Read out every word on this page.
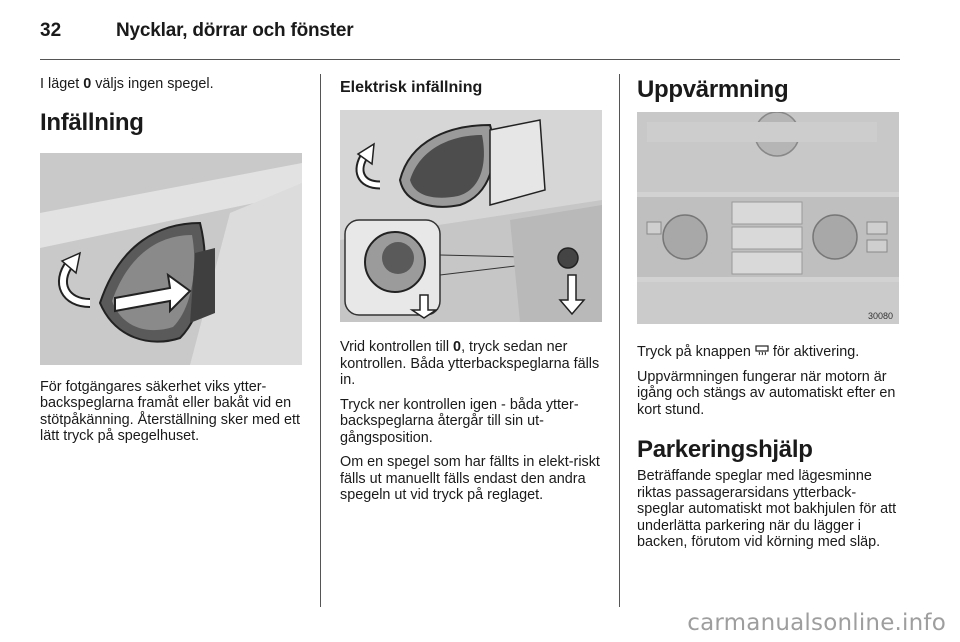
32	Nycklar, dörrar och fönster

I läget 0 väljs ingen spegel.

Infällning

För fotgängares säkerhet viks ytter-backspeglarna framåt eller bakåt vid en stötpåkänning. Återställning sker med ett lätt tryck på spegelhuset.

Elektrisk infällning

Vrid kontrollen till 0, tryck sedan ner kontrollen. Båda ytterbackspeglarna fälls in.

Tryck ner kontrollen igen - båda ytter-backspeglarna återgår till sin ut-gångsposition.

Om en spegel som har fällts in elekt-riskt fälls ut manuellt fälls endast den andra spegeln ut vid tryck på reglaget.

Uppvärmning
30080

Tryck på knappen  för aktivering.

Uppvärmningen fungerar när motorn är igång och stängs av automatiskt efter en kort stund.

Parkeringshjälp

Beträffande speglar med lägesminne riktas passagerarsidans ytterback-speglar automatiskt mot bakhjulen för att underlätta parkering när du lägger i backen, förutom vid körning med släp.

carmanualsonline.info
